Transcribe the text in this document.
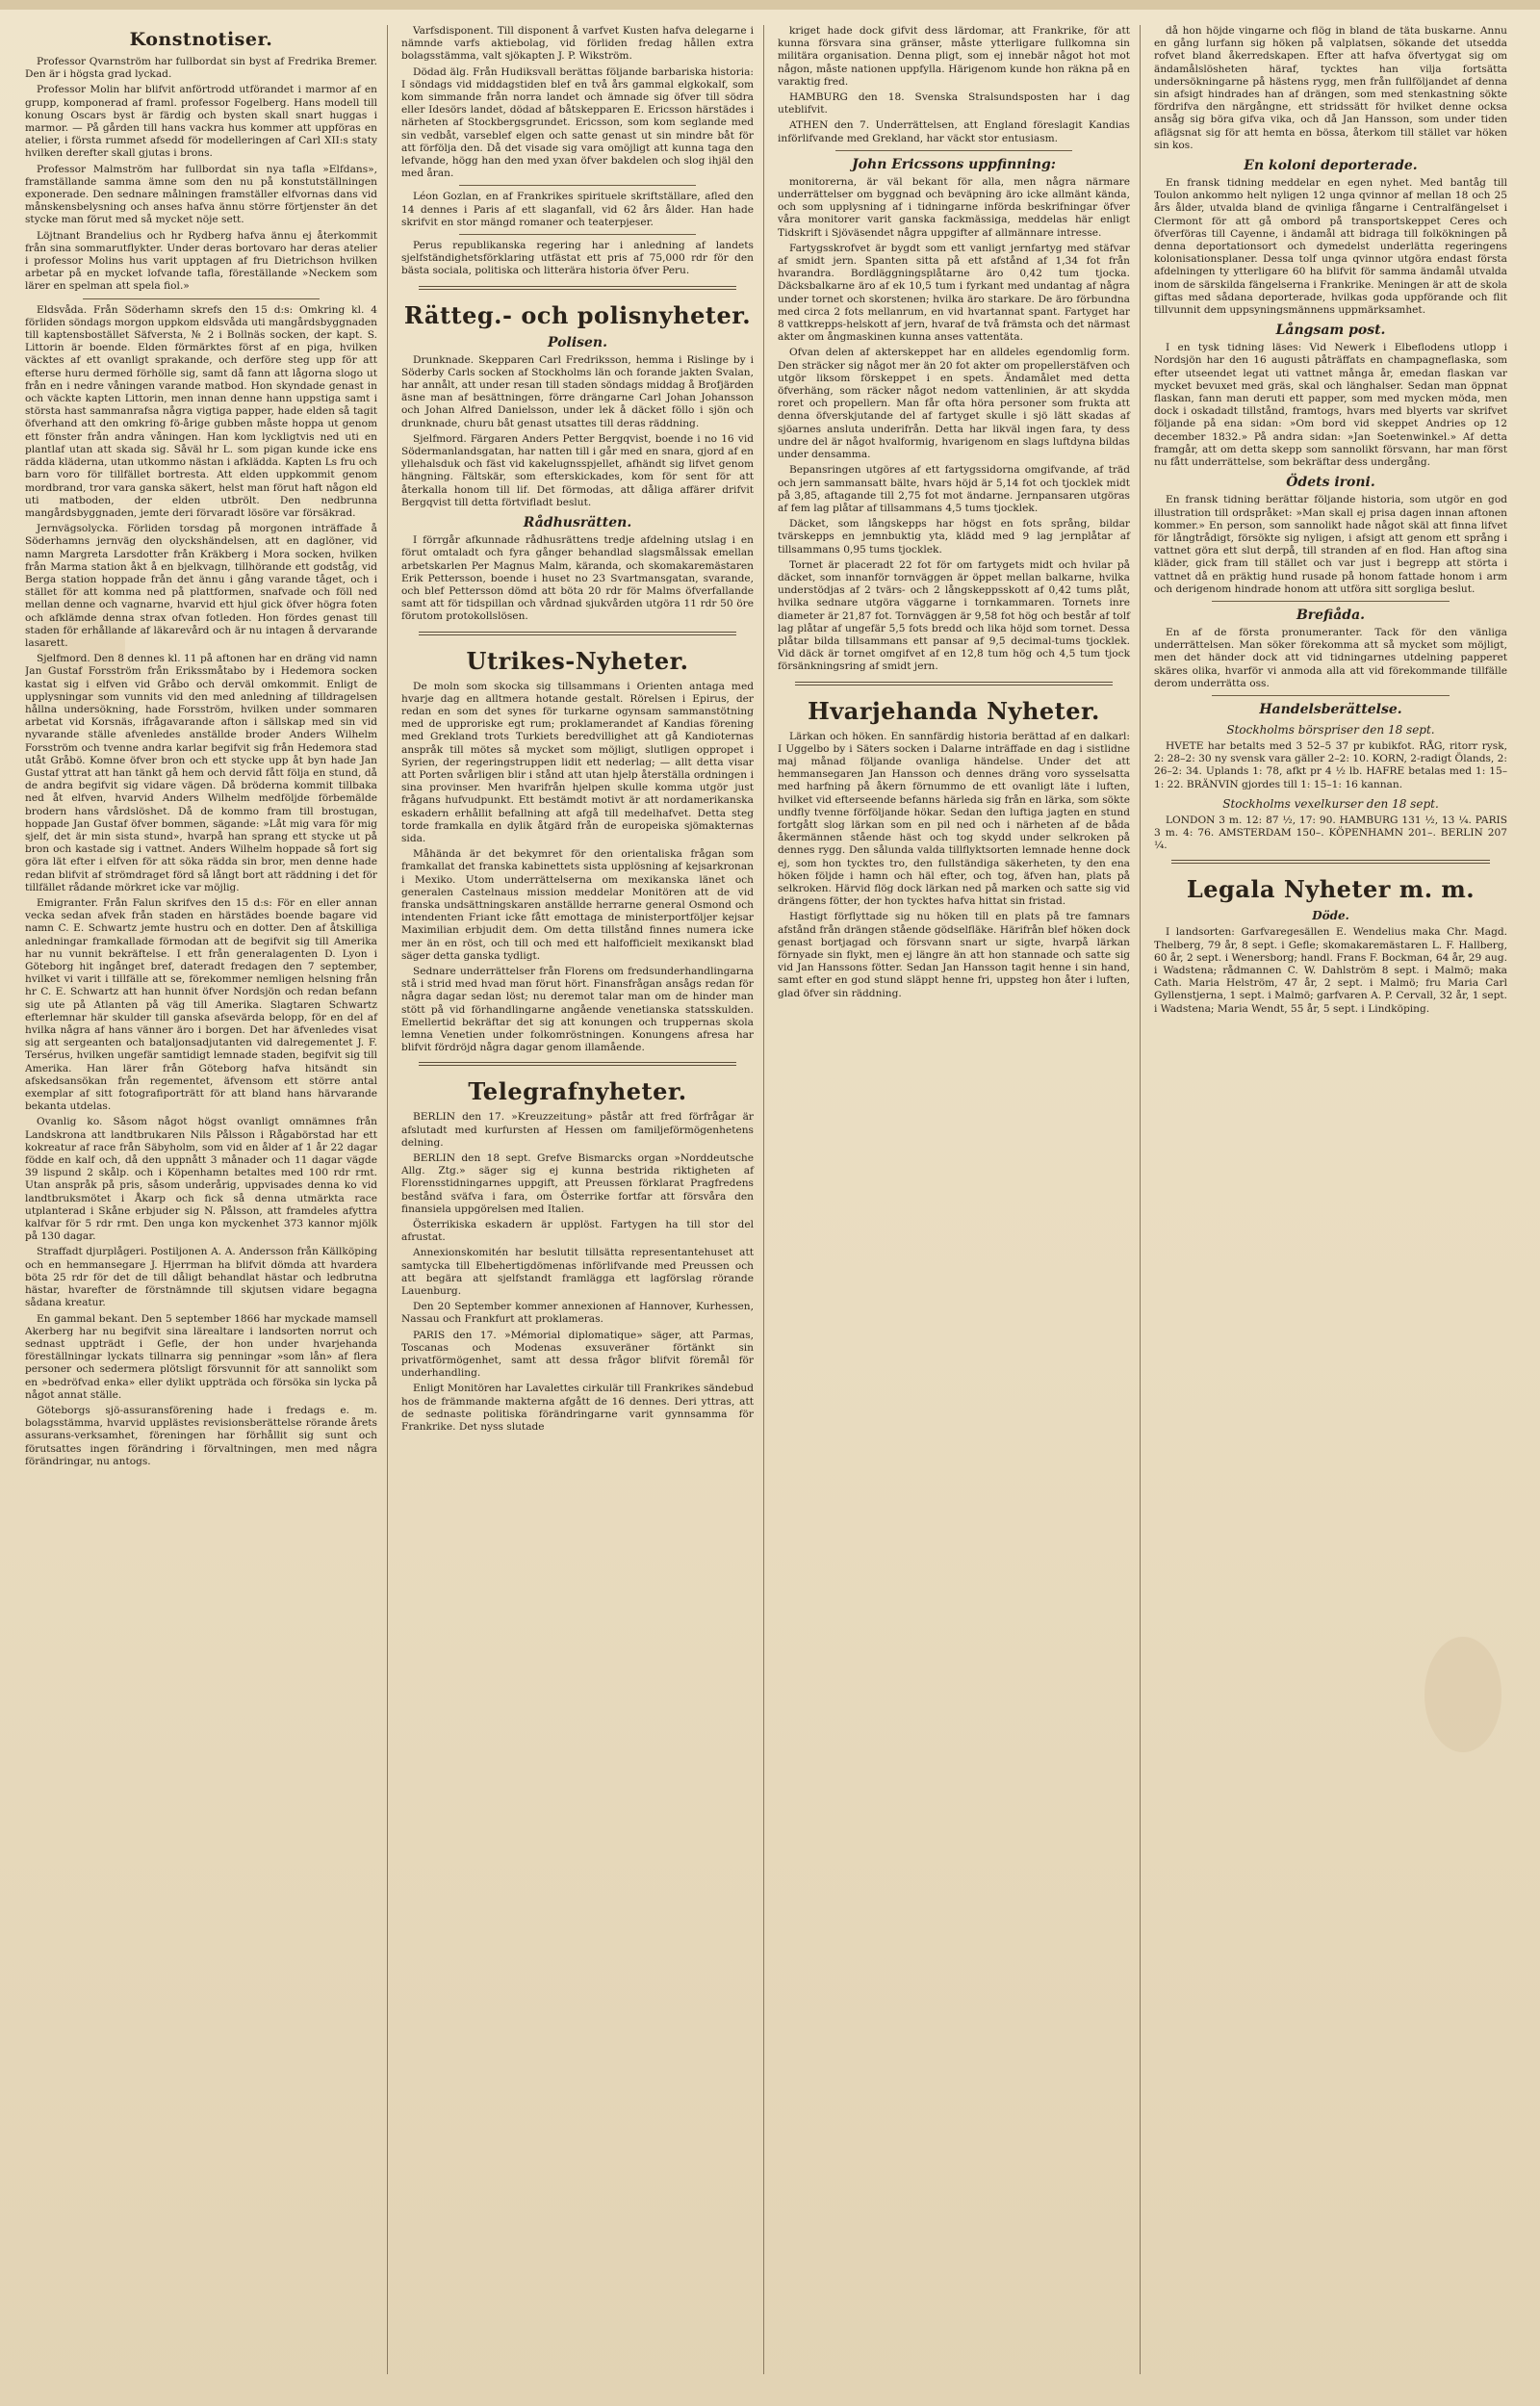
Konstnotiser.

Professor Qvarnström har fullbordat sin byst af Fredrika Bremer. Den är i högsta grad lyckad.

Professor Molin har blifvit anförtrodd utförandet i marmor af en grupp, komponerad af framl. professor Fogelberg. Hans modell till konung Oscars byst är färdig och bysten skall snart huggas i marmor. — På gården till hans vackra hus kommer att uppföras en atelier, i första rummet afsedd för modelleringen af Carl XII:s staty hvilken derefter skall gjutas i brons.

Professor Malmström har fullbordat sin nya tafla »Elfdans», framställande samma ämne som den nu på konstutställningen exponerade. Den sednare målningen framställer elfvornas dans vid månskensbelysning och anses hafva ännu större förtjenster än det stycke man förut med så mycket nöje sett.

Löjtnant Brandelius och hr Rydberg hafva ännu ej återkommit från sina sommarutflykter. Under deras bortovaro har deras atelier i professor Molins hus varit upptagen af fru Dietrichson hvilken arbetar på en mycket lofvande tafla, föreställande »Neckem som lärer en spelman att spela fiol.»

Eldsvåda. Från Söderhamn skrefs den 15 d:s: Omkring kl. 4 förliden söndags morgon uppkom eldsvåda uti mangårdsbyggnaden till kaptensbostället Säfversta, № 2 i Bollnäs socken, der kapt. S. Littorin är boende. Elden förmärktes först af en piga, hvilken väcktes af ett ovanligt sprakande, och derföre steg upp för att efterse huru dermed förhölle sig, samt då fann att lågorna slogo ut från en i nedre våningen varande matbod. Hon skyndade genast in och väckte kapten Littorin, men innan denne hann uppstiga samt i största hast sammanrafsa några vigtiga papper, hade elden så tagit öfverhand att den omkring fö-årige gubben måste hoppa ut genom ett fönster från andra våningen. Han kom lyckligtvis ned uti en plantlaf utan att skada sig. Såväl hr L. som pigan kunde icke ens rädda kläderna, utan utkommo nästan i afklädda. Kapten Ls fru och barn voro för tillfället bortresta. Att elden uppkommit genom mordbrand, tror vara ganska säkert, helst man förut haft någon eld uti matboden, der elden utbrölt. Den nedbrunna mangårdsbyggnaden, jemte deri förvaradt lösöre var försäkrad.

Jernvägsolycka. Förliden torsdag på morgonen inträffade å Söderhamns jernväg den olyckshändelsen, att en daglöner, vid namn Margreta Larsdotter från Kräkberg i Mora socken, hvilken från Marma station åkt å en bjelkvagn, tillhörande ett godståg, vid Berga station hoppade från det ännu i gång varande tåget, och i stället för att komma ned på plattformen, snafvade och föll ned mellan denne och vagnarne, hvarvid ett hjul gick öfver högra foten och afklämde denna strax ofvan fotleden. Hon fördes genast till staden för erhållande af läkarevård och är nu intagen å dervarande lasarett.

Sjelfmord. Den 8 dennes kl. 11 på aftonen har en dräng vid namn Jan Gustaf Forsström från Erikssmåtabo by i Hedemora socken kastat sig i elfven vid Gråbo och derväl omkommit. Enligt de upplysningar som vunnits vid den med anledning af tilldragelsen hållna undersökning, hade Forsström, hvilken under sommaren arbetat vid Korsnäs, ifrågavarande afton i sällskap med sin vid nyvarande ställe afvenledes anställde broder Anders Wilhelm Forsström och tvenne andra karlar begifvit sig från Hedemora stad utåt Gråbö. Komne öfver bron och ett stycke upp åt byn hade Jan Gustaf yttrat att han tänkt gå hem och dervid fått följa en stund, då de andra begifvit sig vidare vägen. Då bröderna kommit tillbaka ned åt elfven, hvarvid Anders Wilhelm medföljde förbemälde brodern hans vårdslöshet. Då de kommo fram till brostugan, hoppade Jan Gustaf öfver bommen, sägande: »Låt mig vara för mig sjelf, det är min sista stund», hvarpå han sprang ett stycke ut på bron och kastade sig i vattnet. Anders Wilhelm hoppade så fort sig göra lät efter i elfven för att söka rädda sin bror, men denne hade redan blifvit af strömdraget förd så långt bort att räddning i det för tillfället rådande mörkret icke var möjlig.

Emigranter. Från Falun skrifves den 15 d:s: För en eller annan vecka sedan afvek från staden en härstädes boende bagare vid namn C. E. Schwartz jemte hustru och en dotter. Den af åtskilliga anledningar framkallade förmodan att de begifvit sig till Amerika har nu vunnit bekräftelse. I ett från generalagenten D. Lyon i Göteborg hit ingånget bref, dateradt fredagen den 7 september, hvilket vi varit i tillfälle att se, förekommer nemligen helsning från hr C. E. Schwartz att han hunnit öfver Nordsjön och redan befann sig ute på Atlanten på väg till Amerika. Slagtaren Schwartz efterlemnar här skulder till ganska afsevärda belopp, för en del af hvilka några af hans vänner äro i borgen. Det har äfvenledes visat sig att sergeanten och bataljonsadjutanten vid dalregementet J. F. Tersérus, hvilken ungefär samtidigt lemnade staden, begifvit sig till Amerika. Han lärer från Göteborg hafva hitsändt sin afskedsansökan från regementet, äfvensom ett större antal exemplar af sitt fotografiporträtt för att bland hans härvarande bekanta utdelas.

Ovanlig ko. Såsom något högst ovanligt omnämnes från Landskrona att landtbrukaren Nils Pålsson i Rågabörstad har ett kokreatur af race från Säbyholm, som vid en ålder af 1 år 22 dagar födde en kalf och, då den uppnått 3 månader och 11 dagar vägde 39 lispund 2 skålp. och i Köpenhamn betaltes med 100 rdr rmt. Utan anspråk på pris, såsom underårig, uppvisades denna ko vid landtbruksmötet i Åkarp och fick så denna utmärkta race utplanterad i Skåne erbjuder sig N. Pålsson, att framdeles afyttra kalfvar för 5 rdr rmt. Den unga kon myckenhet 373 kannor mjölk på 130 dagar.

Straffadt djurplågeri. Postiljonen A. A. Andersson från Källköping och en hemmansegare J. Hjerrman ha blifvit dömda att hvardera böta 25 rdr för det de till dåligt behandlat hästar och ledbrutna hästar, hvarefter de förstnämnde till skjutsen vidare begagna sådana kreatur.

En gammal bekant. Den 5 september 1866 har myckade mamsell Akerberg har nu begifvit sina lärealtare i landsorten norrut och sednast uppträdt i Gefle, der hon under hvarjehanda föreställningar lyckats tillnarra sig penningar »som lån» af flera personer och sedermera plötsligt försvunnit för att sannolikt som en »bedröfvad enka» eller dylikt uppträda och försöka sin lycka på något annat ställe.

Göteborgs sjö-assuransförening hade i fredags e. m. bolagsstämma, hvarvid upplästes revisionsberättelse rörande årets assurans-verksamhet, föreningen har förhållit sig sunt och förutsattes ingen förändring i förvaltningen, men med några förändringar, nu antogs.

Varfsdisponent. Till disponent å varfvet Kusten hafva delegarne i nämnde varfs aktiebolag, vid förliden fredag hållen extra bolagsstämma, valt sjökapten J. P. Wikström.

Dödad älg. Från Hudiksvall berättas följande barbariska historia: I söndags vid middagstiden blef en två års gammal elgkokalf, som kom simmande från norra landet och ämnade sig öfver till södra eller Idesörs landet, dödad af båtskepparen E. Ericsson härstädes i närheten af Stockbergsgrundet. Ericsson, som kom seglande med sin vedbåt, varseblef elgen och satte genast ut sin mindre båt för att förfölja den. Då det visade sig vara omöjligt att kunna taga den lefvande, högg han den med yxan öfver bakdelen och slog ihjäl den med åran.

Léon Gozlan, en af Frankrikes spirituele skriftställare, afled den 14 dennes i Paris af ett slaganfall, vid 62 års ålder. Han hade skrifvit en stor mängd romaner och teaterpjeser.

Perus republikanska regering har i anledning af landets sjelfständighetsförklaring utfästat ett pris af 75,000 rdr för den bästa sociala, politiska och litterära historia öfver Peru.

Rätteg.- och polisnyheter.
Polisen.

Drunknade. Skepparen Carl Fredriksson, hemma i Rislinge by i Söderby Carls socken af Stockholms län och forande jakten Svalan, har annålt, att under resan till staden söndags middag å Brofjärden äsne man af besättningen, förre drängarne Carl Johan Johansson och Johan Alfred Danielsson, under lek å däcket föllo i sjön och drunknade, churu båt genast utsattes till deras räddning.

Sjelfmord. Färgaren Anders Petter Bergqvist, boende i no 16 vid Södermanlandsgatan, har natten till i går med en snara, gjord af en yllehalsduk och fäst vid kakelugnsspjellet, afhändt sig lifvet genom hängning. Fältskär, som efterskickades, kom för sent för att återkalla honom till lif. Det förmodas, att dåliga affärer drifvit Bergqvist till detta förtvifladt beslut.

Rådhusrätten.

I förrgår afkunnade rådhusrättens tredje afdelning utslag i en förut omtaladt och fyra gånger behandlad slagsmålssak emellan arbetskarlen Per Magnus Malm, käranda, och skomakaremästaren Erik Pettersson, boende i huset no 23 Svartmansgatan, svarande, och blef Pettersson dömd att böta 20 rdr för Malms öfverfallande samt att för tidspillan och vårdnad sjukvården utgöra 11 rdr 50 öre förutom protokollslösen.

Utrikes-Nyheter.

De moln som skocka sig tillsammans i Orienten antaga med hvarje dag en alltmera hotande gestalt. Rörelsen i Epirus, der redan en som det synes för turkarne ogynsam sammanstötning med de upproriske egt rum; proklamerandet af Kandias förening med Grekland trots Turkiets beredvillighet att gå Kandioternas anspråk till mötes så mycket som möjligt, slutligen oppropet i Syrien, der regeringstruppen lidit ett nederlag; — allt detta visar att Porten svårligen blir i stånd att utan hjelp återställa ordningen i sina provinser. Men hvarifrån hjelpen skulle komma utgör just frågans hufvudpunkt. Ett bestämdt motivt är att nordamerikanska eskadern erhållit befallning att afgå till medelhafvet. Detta steg torde framkalla en dylik åtgärd från de europeiska sjömakternas sida.

Måhända är det bekymret för den orientaliska frågan som framkallat det franska kabinettets sista upplösning af kejsarkronan i Mexiko. Utom underrättelserna om mexikanska länet och generalen Castelnaus mission meddelar Monitören att de vid franska undsättningskaren anställde herrarne general Osmond och intendenten Friant icke fått emottaga de ministerportföljer kejsar Maximilian erbjudit dem. Om detta tillstånd finnes numera icke mer än en röst, och till och med ett halfofficielt mexikanskt blad säger detta ganska tydligt.

Sednare underrättelser från Florens om fredsunderhandlingarna stå i strid med hvad man förut hört. Finansfrågan ansågs redan för några dagar sedan löst; nu deremot talar man om de hinder man stött på vid förhandlingarne angående venetianska statsskulden. Emellertid bekräftar det sig att konungen och truppernas skola lemna Venetien under folkomröstningen. Konungens afresa har blifvit fördröjd några dagar genom illamående.

Telegrafnyheter.

BERLIN den 17. »Kreuzzeitung» påstår att fred förfrågar är afslutadt med kurfursten af Hessen om familjeförmögenhetens delning.

BERLIN den 18 sept. Grefve Bismarcks organ »Norddeutsche Allg. Ztg.» säger sig ej kunna bestrida riktigheten af Florensstidningarnes uppgift, att Preussen förklarat Pragfredens bestånd sväfva i fara, om Österrike fortfar att försvåra den finansiela uppgörelsen med Italien.

Österrikiska eskadern är upplöst. Fartygen ha till stor del afrustat.

Annexionskomitén har beslutit tillsätta representantehuset att samtycka till Elbehertigdömenas införlifvande med Preussen och att begära att sjelfstandt framlägga ett lagförslag rörande Lauenburg.

Den 20 September kommer annexionen af Hannover, Kurhessen, Nassau och Frankfurt att proklameras.

PARIS den 17. »Mémorial diplomatique» säger, att Parmas, Toscanas och Modenas exsuveräner förtänkt sin privatförmögenhet, samt att dessa frågor blifvit föremål för underhandling.

Enligt Monitören har Lavalettes cirkulär till Frankrikes sändebud hos de främmande makterna afgått de 16 dennes. Deri yttras, att de sednaste politiska förändringarne varit gynnsamma för Frankrike. Det nyss slutade

kriget hade dock gifvit dess lärdomar, att Frankrike, för att kunna försvara sina gränser, måste ytterligare fullkomna sin militära organisation. Denna pligt, som ej innebär något hot mot någon, måste nationen uppfylla. Härigenom kunde hon räkna på en varaktig fred.

HAMBURG den 18. Svenska Stralsundsposten har i dag uteblifvit.

ATHEN den 7. Underrättelsen, att England föreslagit Kandias införlifvande med Grekland, har väckt stor entusiasm.

John Ericssons uppfinning:

monitorerna, är väl bekant för alla, men några närmare underrättelser om byggnad och beväpning äro icke allmänt kända, och som upplysning af i tidningarne införda beskrifningar öfver våra monitorer varit ganska fackmässiga, meddelas här enligt Tidskrift i Sjöväsendet några uppgifter af allmännare intresse.

Fartygsskrofvet är bygdt som ett vanligt jernfartyg med stäfvar af smidt jern. Spanten sitta på ett afstånd af 1,34 fot från hvarandra. Bordläggningsplåtarne äro 0,42 tum tjocka. Däcksbalkarne äro af ek 10,5 tum i fyrkant med undantag af några under tornet och skorstenen; hvilka äro starkare. De äro förbundna med circa 2 fots mellanrum, en vid hvartannat spant. Fartyget har 8 vattkrepps-helskott af jern, hvaraf de två främsta och det närmast akter om ångmaskinen kunna anses vattentäta.

Ofvan delen af akterskeppet har en alldeles egendomlig form. Den sträcker sig något mer än 20 fot akter om propellerstäfven och utgör liksom förskeppet i en spets. Ändamålet med detta öfverhäng, som räcker något nedom vattenlinien, är att skydda roret och propellern. Man får ofta höra personer som frukta att denna öfverskjutande del af fartyget skulle i sjö lätt skadas af sjöarnes ansluta underifrån. Detta har likväl ingen fara, ty dess undre del är något hvalformig, hvarigenom en slags luftdyna bildas under densamma.

Bepansringen utgöres af ett fartygssidornа omgifvande, af träd och jern sammansatt bälte, hvars höjd är 5,14 fot och tjocklek midt på 3,85, aftagande till 2,75 fot mot ändarne. Jernpansaren utgöras af fem lag plåtar af tillsammans 4,5 tums tjocklek.

Däcket, som långskepps har högst en fots språng, bildar tvärskepps en jemnbuktig yta, klädd med 9 lag jernplåtar af tillsammans 0,95 tums tjocklek.

Tornet är placeradt 22 fot för om fartygets midt och hvilar på däcket, som innanför tornväggen är öppet mellan balkarne, hvilka understödjas af 2 tvärs- och 2 långskeppsskott af 0,42 tums plåt, hvilka sednare utgöra väggarne i tornkammaren. Tornets inre diameter är 21,87 fot. Tornväggen är 9,58 fot hög och består af tolf lag plåtar af ungefär 5,5 fots bredd och lika höjd som tornet. Dessa plåtar bilda tillsammans ett pansar af 9,5 decimal-tums tjocklek. Vid däck är tornet omgifvet af en 12,8 tum hög och 4,5 tum tjock försänkningsring af smidt jern.

Hvarjehanda Nyheter.

Lärkan och höken. En sannfärdig historia berättad af en dalkarl: I Uggelbo by i Säters socken i Dalarne inträffade en dag i sistlidne maj månad följande ovanliga händelse. Under det att hemmansegaren Jan Hansson och dennes dräng voro sysselsatta med harfning på åkern förnummo de ett ovanligt läte i luften, hvilket vid efterseende befanns härleda sig från en lärka, som sökte undfly tvenne förföljande hökar. Sedan den luftiga jagten en stund fortgått slog lärkan som en pil ned och i närheten af de båda åkermännen stående häst och tog skydd under selkroken på dennes rygg. Den sålunda valda tillflyktsorten lemnade henne dock ej, som hon tycktes tro, den fullständiga säkerheten, ty den ena höken följde i hamn och häl efter, och tog, äfven han, plats på selkroken. Härvid flög dock lärkan ned på marken och satte sig vid drängens fötter, der hon tycktes hafva hittat sin fristad.

Hastigt förflyttade sig nu höken till en plats på tre famnars afstånd från drängen stående gödselfläke. Härifrån blef höken dock genast bortjagad och försvann snart ur sigte, hvarpå lärkan förnyade sin flykt, men ej längre än att hon stannade och satte sig vid Jan Hanssons fötter. Sedan Jan Hansson tagit henne i sin hand, samt efter en god stund släppt henne fri, uppsteg hon åter i luften, glad öfver sin räddning.

då hon höjde vingarne och flög in bland de täta buskarne. Annu en gång lurfann sig höken på valplatsen, sökande det utsedda rofvet bland åkerredskapen. Efter att hafva öfvertygat sig om ändamålslösheten häraf, tycktes han vilja fortsätta undersökningarne på hästens rygg, men från fullföljandet af denna sin afsigt hindrades han af drängen, som med stenkastning sökte fördrifva den närgångne, ett stridssätt för hvilket denne ocksa ansåg sig böra gifva vika, och då Jan Hansson, som under tiden aflägsnat sig för att hemta en bössa, återkom till stället var höken sin kos.

En koloni deporterade.

En fransk tidning meddelar en egen nyhet. Med bantåg till Toulon ankommo helt nyligen 12 unga qvinnor af mellan 18 och 25 års ålder, utvalda bland de qvinliga fångarne i Centralfängelset i Clermont för att gå ombord på transportskeppet Ceres och öfverföras till Cayenne, i ändamål att bidraga till folkökningen på denna deportationsort och dymedelst underlätta regeringens kolonisationsplaner. Dessa tolf unga qvinnor utgöra endast första afdelningen ty ytterligare 60 ha blifvit för samma ändamål utvalda inom de särskilda fängelserna i Frankrike. Meningen är att de skola giftas med sådana deporterade, hvilkas goda uppförande och flit tillvunnit dem uppsyningsmännens uppmärksamhet.

Långsam post.

I en tysk tidning läses: Vid Newerk i Elbeflodens utlopp i Nordsjön har den 16 augusti påträffats en champagneflaska, som efter utseendet legat uti vattnet många år, emedan flaskan var mycket bevuxet med gräs, skal och länghalser. Sedan man öppnat flaskan, fann man deruti ett papper, som med mycken möda, men dock i oskadadt tillstånd, framtogs, hvars med blyerts var skrifvet följande på ena sidan: »Om bord vid skeppet Andries op 12 december 1832.» På andra sidan: »Jan Soetenwinkel.» Af detta framgår, att om detta skepp som sannolikt försvann, har man först nu fått underrättelse, som bekräftar dess undergång.

Ödets ironi.

En fransk tidning berättar följande historia, som utgör en god illustration till ordspråket: »Man skall ej prisa dagen innan aftonen kommer.» En person, som sannolikt hade något skäl att finna lifvet för långtrådigt, försökte sig nyligen, i afsigt att genom ett språng i vattnet göra ett slut derpå, till stranden af en flod. Han aftog sina kläder, gick fram till stället och var just i begrepp att störta i vattnet då en präktig hund rusade på honom fattade honom i arm och derigenom hindrade honom att utföra sitt sorgliga beslut.

Brefiåda.

En af de första pronumeranter. Tack för den vänliga underrättelsen. Man söker förekomma att så mycket som möjligt, men det händer dock att vid tidningarnes utdelning papperet skäres olika, hvarför vi anmoda alla att vid förekommande tillfälle derom underrätta oss.

Handelsberättelse.
Stockholms börspriser den 18 sept.

HVETE har betalts med 3 52–5 37 pr kubikfot. RÅG, ritorr rysk, 2: 28–2: 30 ny svensk vara gäller 2–2: 10. KORN, 2-radigt Ölands, 2: 26–2: 34. Uplands 1: 78, afkt pr 4 ½ lb. HAFRE betalas med 1: 15–1: 22. BRÄNVIN gjordes till 1: 15–1: 16 kannan.

Stockholms vexelkurser den 18 sept.

LONDON 3 m. 12: 87 ½, 17: 90. HAMBURG 131 ½, 13 ¼. PARIS 3 m. 4: 76. AMSTERDAM 150–. KÖPENHAMN 201–. BERLIN 207 ¼.

Legala Nyheter m. m.
Döde.

I landsorten: Garfvaregesällen E. Wendelius maka Chr. Magd. Thelberg, 79 år, 8 sept. i Gefle; skomakaremästaren L. F. Hallberg, 60 år, 2 sept. i Wenersborg; handl. Frans F. Bockman, 64 år, 29 aug. i Wadstena; rådmannen C. W. Dahlström 8 sept. i Malmö; maka Cath. Maria Helström, 47 år, 2 sept. i Malmö; fru Maria Carl Gyllenstjerna, 1 sept. i Malmö; garfvaren A. P. Cervall, 32 år, 1 sept. i Wadstena; Maria Wendt, 55 år, 5 sept. i Lindköping.
